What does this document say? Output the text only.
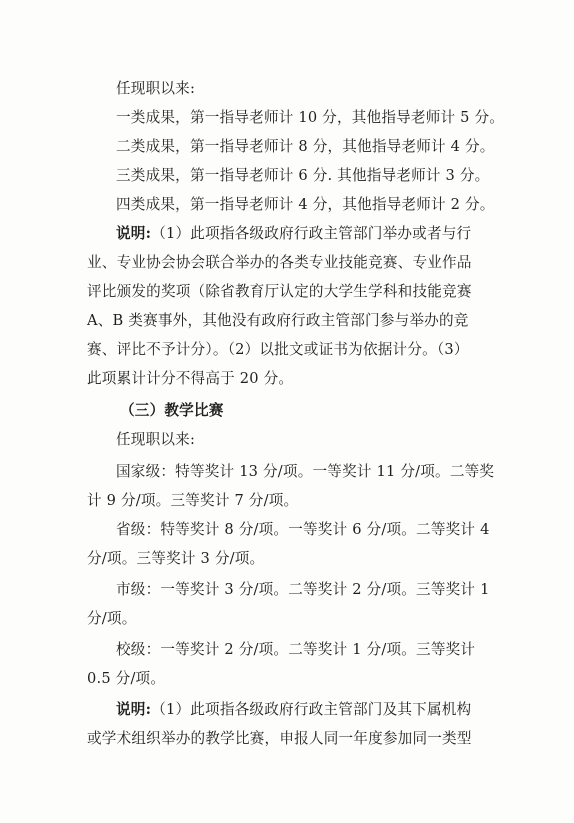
任现职以来:
一类成果，第一指导老师计 10 分，其他指导老师计 5 分。
二类成果，第一指导老师计 8 分，其他指导老师计 4 分。
三类成果，第一指导老师计 6 分. 其他指导老师计 3 分。
四类成果，第一指导老师计 4 分，其他指导老师计 2 分。
说明:（1）此项指各级政府行政主管部门举办或者与行
业、专业协会协会联合举办的各类专业技能竞赛、专业作品
评比颁发的奖项（除省教育厅认定的大学生学科和技能竞赛
A、B 类赛事外，其他没有政府行政主管部门参与举办的竞
赛、评比不予计分）。（2）以批文或证书为依据计分。（3）
此项累计计分不得高于 20 分。
（三）教学比赛
任现职以来:
国家级：特等奖计 13 分/项。一等奖计 11 分/项。二等奖
计 9 分/项。三等奖计 7 分/项。
省级：特等奖计 8 分/项。一等奖计 6 分/项。二等奖计 4
分/项。三等奖计 3 分/项。
市级：一等奖计 3 分/项。二等奖计 2 分/项。三等奖计 1
分/项。
校级：一等奖计 2 分/项。二等奖计 1 分/项。三等奖计
0.5 分/项。
说明:（1）此项指各级政府行政主管部门及其下属机构
或学术组织举办的教学比赛，申报人同一年度参加同一类型
